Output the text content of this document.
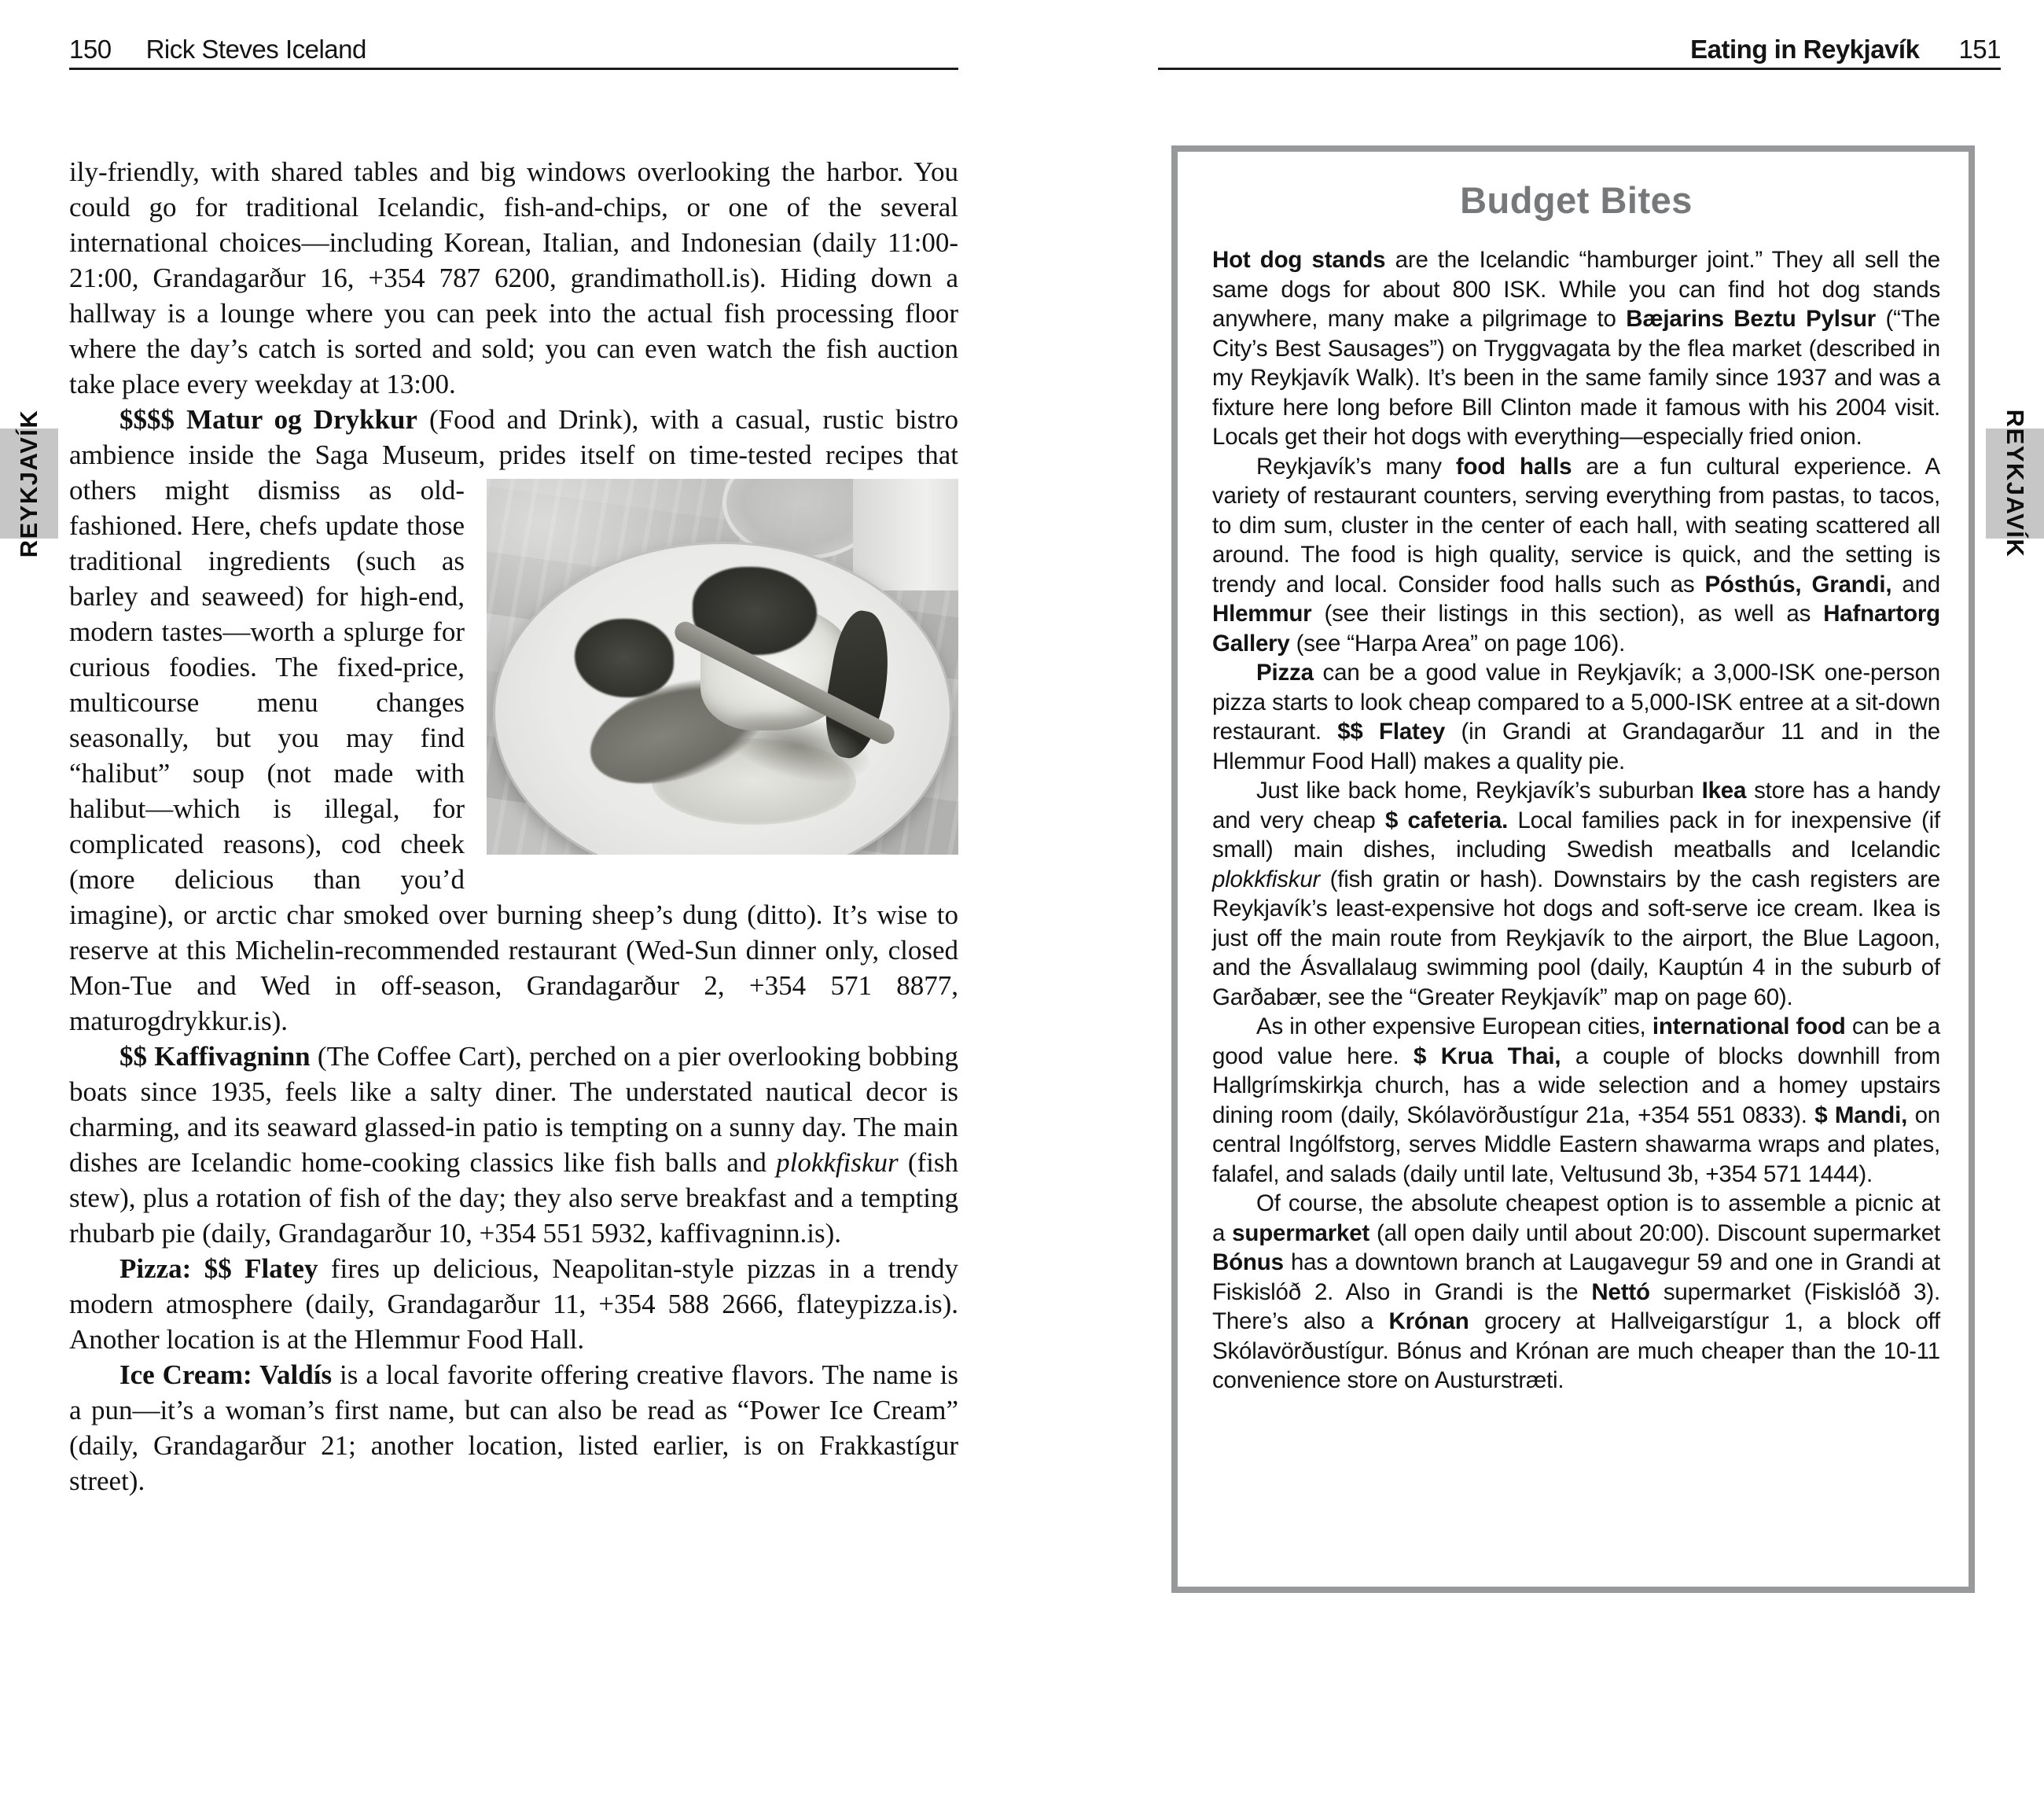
150 Rick Steves Iceland

ily-friendly, with shared tables and big windows overlooking the harbor. You could go for traditional Icelandic, fish-and-chips, or one of the several international choices—including Korean, Italian, and Indonesian (daily 11:00-21:00, Grandagarður 16, +354 787 6200, grandimatholl.is). Hiding down a hallway is a lounge where you can peek into the actual fish processing floor where the day’s catch is sorted and sold; you can even watch the fish auction take place every weekday at 13:00.

$$$$ Matur og Drykkur (Food and Drink), with a casual, rustic bistro ambience inside the Saga Museum, prides itself on
time-tested recipes that others might dismiss as old-fashioned. Here, chefs update those traditional ingredients (such as barley and seaweed) for high-end, modern tastes—worth a splurge for curious foodies. The fixed-price, multicourse menu changes seasonally, but you may find “halibut” soup (not made with halibut—which is illegal, for complicated reasons), cod cheek (more delicious than you’d imagine), or arctic char smoked over burning sheep’s dung (ditto). It’s wise to reserve at this Michelin-recommended restaurant (Wed-Sun dinner only, closed Mon-Tue and Wed in off-season, Grandagarður 2, +354 571 8877, maturogdrykkur.is).

$$ Kaffivagninn (The Coffee Cart), perched on a pier overlooking bobbing boats since 1935, feels like a salty diner. The understated nautical decor is charming, and its seaward glassed-in patio is tempting on a sunny day. The main dishes are Icelandic home-cooking classics like fish balls and plokkfiskur (fish stew), plus a rotation of fish of the day; they also serve breakfast and a tempting rhubarb pie (daily, Grandagarður 10, +354 551 5932, kaffivagninn.is).

Pizza: $$ Flatey fires up delicious, Neapolitan-style pizzas in a trendy modern atmosphere (daily, Grandagarður 11, +354 588 2666, flateypizza.is). Another location is at the Hlemmur Food Hall.

Ice Cream: Valdís is a local favorite offering creative flavors. The name is a pun—it’s a woman’s first name, but can also be read as “Power Ice Cream” (daily, Grandagarður 21; another location, listed earlier, is on Frakkastígur street).

REYKJAVÍK
Eating in Reykjavík 151
Budget Bites

Hot dog stands are the Icelandic “hamburger joint.” They all sell the same dogs for about 800 ISK. While you can find hot dog stands anywhere, many make a pilgrimage to Bæjarins Beztu Pylsur (“The City’s Best Sausages”) on Tryggvagata by the flea market (described in my Reykjavík Walk). It’s been in the same family since 1937 and was a fixture here long before Bill Clinton made it famous with his 2004 visit. Locals get their hot dogs with everything—especially fried onion.

Reykjavík’s many food halls are a fun cultural experience. A variety of restaurant counters, serving everything from pastas, to tacos, to dim sum, cluster in the center of each hall, with seating scattered all around. The food is high quality, service is quick, and the setting is trendy and local. Consider food halls such as Pósthús, Grandi, and Hlemmur (see their listings in this section), as well as Hafnartorg Gallery (see “Harpa Area” on page 106).

Pizza can be a good value in Reykjavík; a 3,000-ISK one-person pizza starts to look cheap compared to a 5,000-ISK entree at a sit-down restaurant. $$ Flatey (in Grandi at Grandagarður 11 and in the Hlemmur Food Hall) makes a quality pie.

Just like back home, Reykjavík’s suburban Ikea store has a handy and very cheap $ cafeteria. Local families pack in for inexpensive (if small) main dishes, including Swedish meatballs and Icelandic plokkfiskur (fish gratin or hash). Downstairs by the cash registers are Reykjavík’s least-expensive hot dogs and soft-serve ice cream. Ikea is just off the main route from Reykjavík to the airport, the Blue Lagoon, and the Ásvallalaug swimming pool (daily, Kauptún 4 in the suburb of Garðabær, see the “Greater Reykjavík” map on page 60).

As in other expensive European cities, international food can be a good value here. $ Krua Thai, a couple of blocks downhill from Hallgrímskirkja church, has a wide selection and a homey upstairs dining room (daily, Skólavörðustígur 21a, +354 551 0833). $ Mandi, on central Ingólfstorg, serves Middle Eastern shawarma wraps and plates, falafel, and salads (daily until late, Veltusund 3b, +354 571 1444).

Of course, the absolute cheapest option is to assemble a picnic at a supermarket (all open daily until about 20:00). Discount supermarket Bónus has a downtown branch at Laugavegur 59 and one in Grandi at Fiskislóð 2. Also in Grandi is the Nettó supermarket (Fiskislóð 3). There’s also a Krónan grocery at Hallveigarstígur 1, a block off Skólavörðustígur. Bónus and Krónan are much cheaper than the 10-11 convenience store on Austurstræti.

REYKJAVÍK
